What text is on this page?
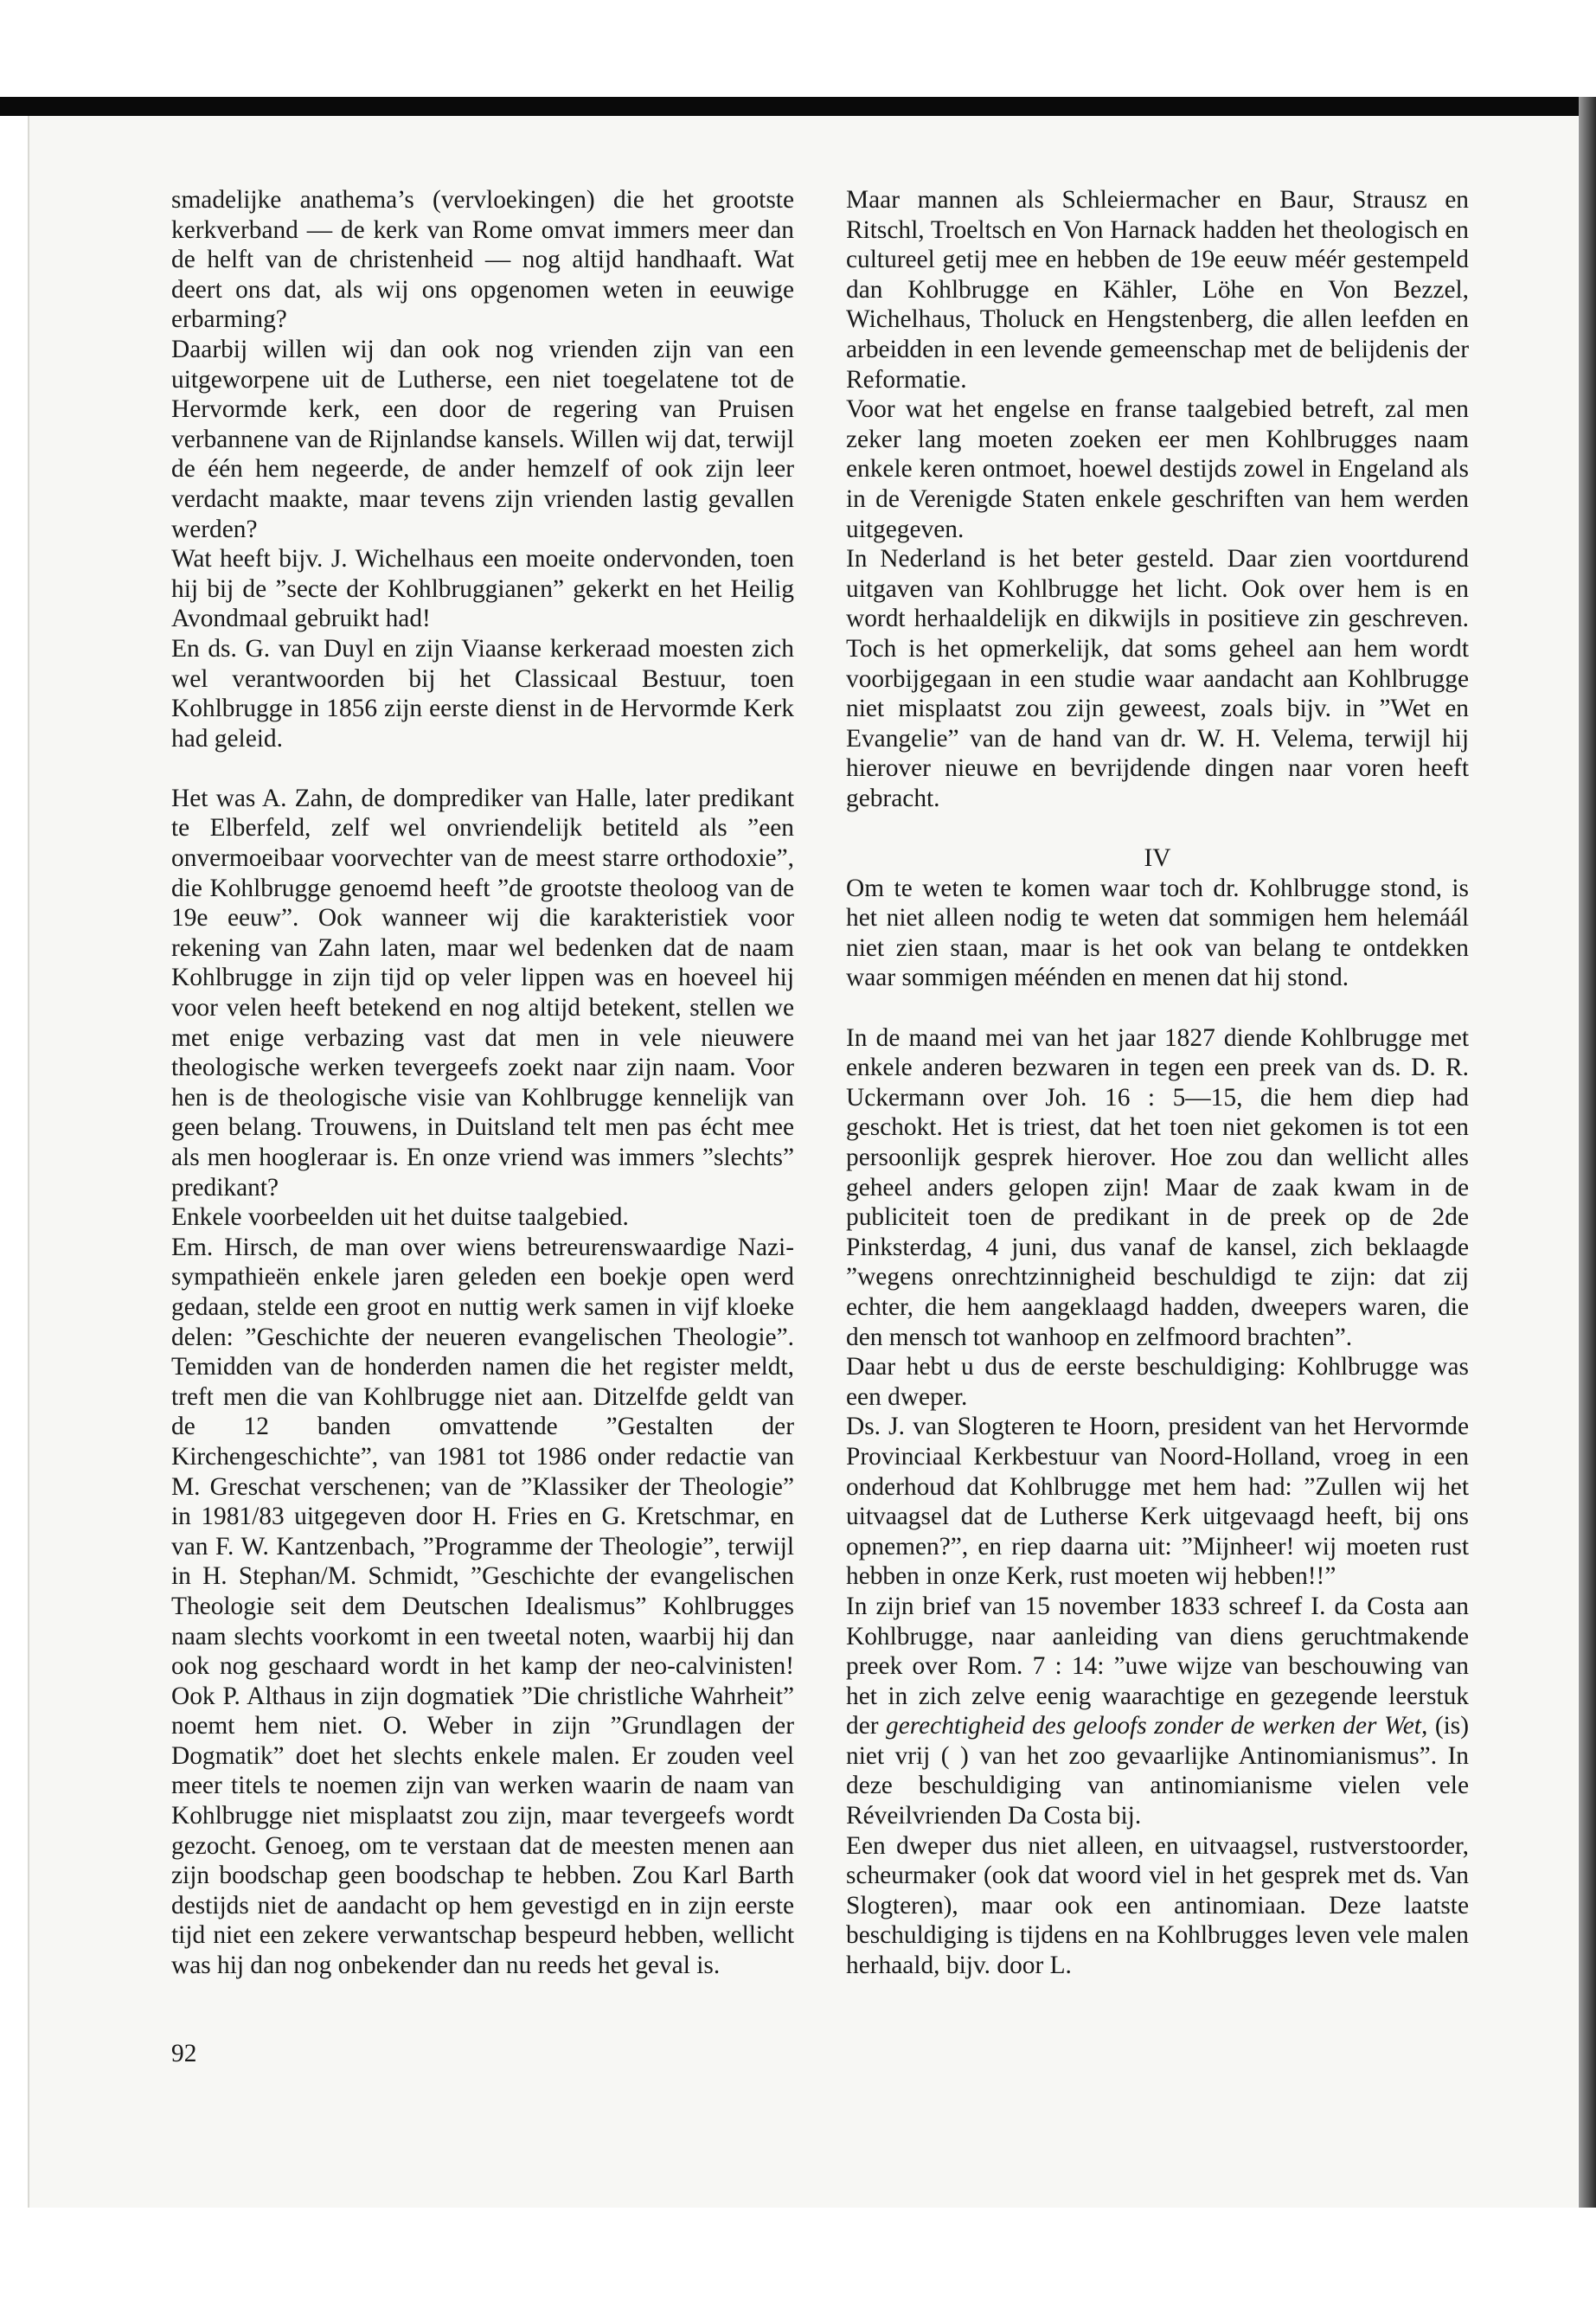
smadelijke anathema’s (vervloekingen) die het grootste kerkverband — de kerk van Rome omvat immers meer dan de helft van de christenheid — nog altijd handhaaft. Wat deert ons dat, als wij ons opgenomen weten in eeuwige erbarming?

Daarbij willen wij dan ook nog vrienden zijn van een uitgeworpene uit de Lutherse, een niet toegelatene tot de Hervormde kerk, een door de regering van Pruisen verbannene van de Rijnlandse kansels. Willen wij dat, terwijl de één hem negeerde, de ander hemzelf of ook zijn leer verdacht maakte, maar tevens zijn vrienden lastig gevallen werden?

Wat heeft bijv. J. Wichelhaus een moeite ondervonden, toen hij bij de ”secte der Kohlbruggianen” gekerkt en het Heilig Avondmaal gebruikt had!

En ds. G. van Duyl en zijn Viaanse kerkeraad moesten zich wel verantwoorden bij het Classicaal Bestuur, toen Kohlbrugge in 1856 zijn eerste dienst in de Hervormde Kerk had geleid.

Het was A. Zahn, de domprediker van Halle, later predikant te Elberfeld, zelf wel onvriendelijk betiteld als ”een onvermoeibaar voorvechter van de meest starre orthodoxie”, die Kohlbrugge genoemd heeft ”de grootste theoloog van de 19e eeuw”. Ook wanneer wij die karakteristiek voor rekening van Zahn laten, maar wel bedenken dat de naam Kohlbrugge in zijn tijd op veler lippen was en hoeveel hij voor velen heeft betekend en nog altijd betekent, stellen we met enige verbazing vast dat men in vele nieuwere theologische werken tevergeefs zoekt naar zijn naam. Voor hen is de theologische visie van Kohlbrugge kennelijk van geen belang. Trouwens, in Duitsland telt men pas écht mee als men hoogleraar is. En onze vriend was immers ”slechts” predikant?

Enkele voorbeelden uit het duitse taalgebied.

Em. Hirsch, de man over wiens betreurenswaardige Nazi-sympathieën enkele jaren geleden een boekje open werd gedaan, stelde een groot en nuttig werk samen in vijf kloeke delen: ”Geschichte der neueren evangelischen Theologie”. Temidden van de honderden namen die het register meldt, treft men die van Kohlbrugge niet aan. Ditzelfde geldt van de 12 banden omvattende ”Gestalten der Kirchengeschichte”, van 1981 tot 1986 onder redactie van M. Greschat verschenen; van de ”Klassiker der Theologie” in 1981/83 uitgegeven door H. Fries en G. Kretschmar, en van F. W. Kantzenbach, ”Programme der Theologie”, terwijl in H. Stephan/M. Schmidt, ”Geschichte der evangelischen Theologie seit dem Deutschen Idealismus” Kohlbrugges naam slechts voorkomt in een tweetal noten, waarbij hij dan ook nog geschaard wordt in het kamp der neo-calvinisten! Ook P. Althaus in zijn dogmatiek ”Die christliche Wahrheit” noemt hem niet. O. Weber in zijn ”Grundlagen der Dogmatik” doet het slechts enkele malen. Er zouden veel meer titels te noemen zijn van werken waarin de naam van Kohlbrugge niet misplaatst zou zijn, maar tevergeefs wordt gezocht. Genoeg, om te verstaan dat de meesten menen aan zijn boodschap geen boodschap te hebben. Zou Karl Barth destijds niet de aandacht op hem gevestigd en in zijn eerste tijd niet een zekere verwantschap bespeurd hebben, wellicht was hij dan nog onbekender dan nu reeds het geval is.

92

Maar mannen als Schleiermacher en Baur, Strausz en Ritschl, Troeltsch en Von Harnack hadden het theologisch en cultureel getij mee en hebben de 19e eeuw méér gestempeld dan Kohlbrugge en Kähler, Löhe en Von Bezzel, Wichelhaus, Tholuck en Hengstenberg, die allen leefden en arbeidden in een levende gemeenschap met de belijdenis der Reformatie.

Voor wat het engelse en franse taalgebied betreft, zal men zeker lang moeten zoeken eer men Kohlbrugges naam enkele keren ontmoet, hoewel destijds zowel in Engeland als in de Verenigde Staten enkele geschriften van hem werden uitgegeven.

In Nederland is het beter gesteld. Daar zien voortdurend uitgaven van Kohlbrugge het licht. Ook over hem is en wordt herhaaldelijk en dikwijls in positieve zin geschreven. Toch is het opmerkelijk, dat soms geheel aan hem wordt voorbijgegaan in een studie waar aandacht aan Kohlbrugge niet misplaatst zou zijn geweest, zoals bijv. in ”Wet en Evangelie” van de hand van dr. W. H. Velema, terwijl hij hierover nieuwe en bevrijdende dingen naar voren heeft gebracht.

IV

Om te weten te komen waar toch dr. Kohlbrugge stond, is het niet alleen nodig te weten dat sommigen hem helemáál niet zien staan, maar is het ook van belang te ontdekken waar sommigen méénden en menen dat hij stond.

In de maand mei van het jaar 1827 diende Kohlbrugge met enkele anderen bezwaren in tegen een preek van ds. D. R. Uckermann over Joh. 16 : 5—15, die hem diep had geschokt. Het is triest, dat het toen niet gekomen is tot een persoonlijk gesprek hierover. Hoe zou dan wellicht alles geheel anders gelopen zijn! Maar de zaak kwam in de publiciteit toen de predikant in de preek op de 2de Pinksterdag, 4 juni, dus vanaf de kansel, zich beklaagde ”wegens onrechtzinnigheid beschuldigd te zijn: dat zij echter, die hem aangeklaagd hadden, dweepers waren, die den mensch tot wanhoop en zelfmoord brachten”.

Daar hebt u dus de eerste beschuldiging: Kohlbrugge was een dweper.

Ds. J. van Slogteren te Hoorn, president van het Hervormde Provinciaal Kerkbestuur van Noord-Holland, vroeg in een onderhoud dat Kohlbrugge met hem had: ”Zullen wij het uitvaagsel dat de Lutherse Kerk uitgevaagd heeft, bij ons opnemen?”, en riep daarna uit: ”Mijnheer! wij moeten rust hebben in onze Kerk, rust moeten wij hebben!!”

In zijn brief van 15 november 1833 schreef I. da Costa aan Kohlbrugge, naar aanleiding van diens geruchtmakende preek over Rom. 7 : 14: ”uwe wijze van beschouwing van het in zich zelve eenig waarachtige en gezegende leerstuk der gerechtigheid des geloofs zonder de werken der Wet, (is) niet vrij ( ) van het zoo gevaarlijke Antinomianismus”. In deze beschuldiging van antinomianisme vielen vele Réveilvrienden Da Costa bij.

Een dweper dus niet alleen, en uitvaagsel, rustverstoorder, scheurmaker (ook dat woord viel in het gesprek met ds. Van Slogteren), maar ook een antinomiaan. Deze laatste beschuldiging is tijdens en na Kohlbrugges leven vele malen herhaald, bijv. door L.
